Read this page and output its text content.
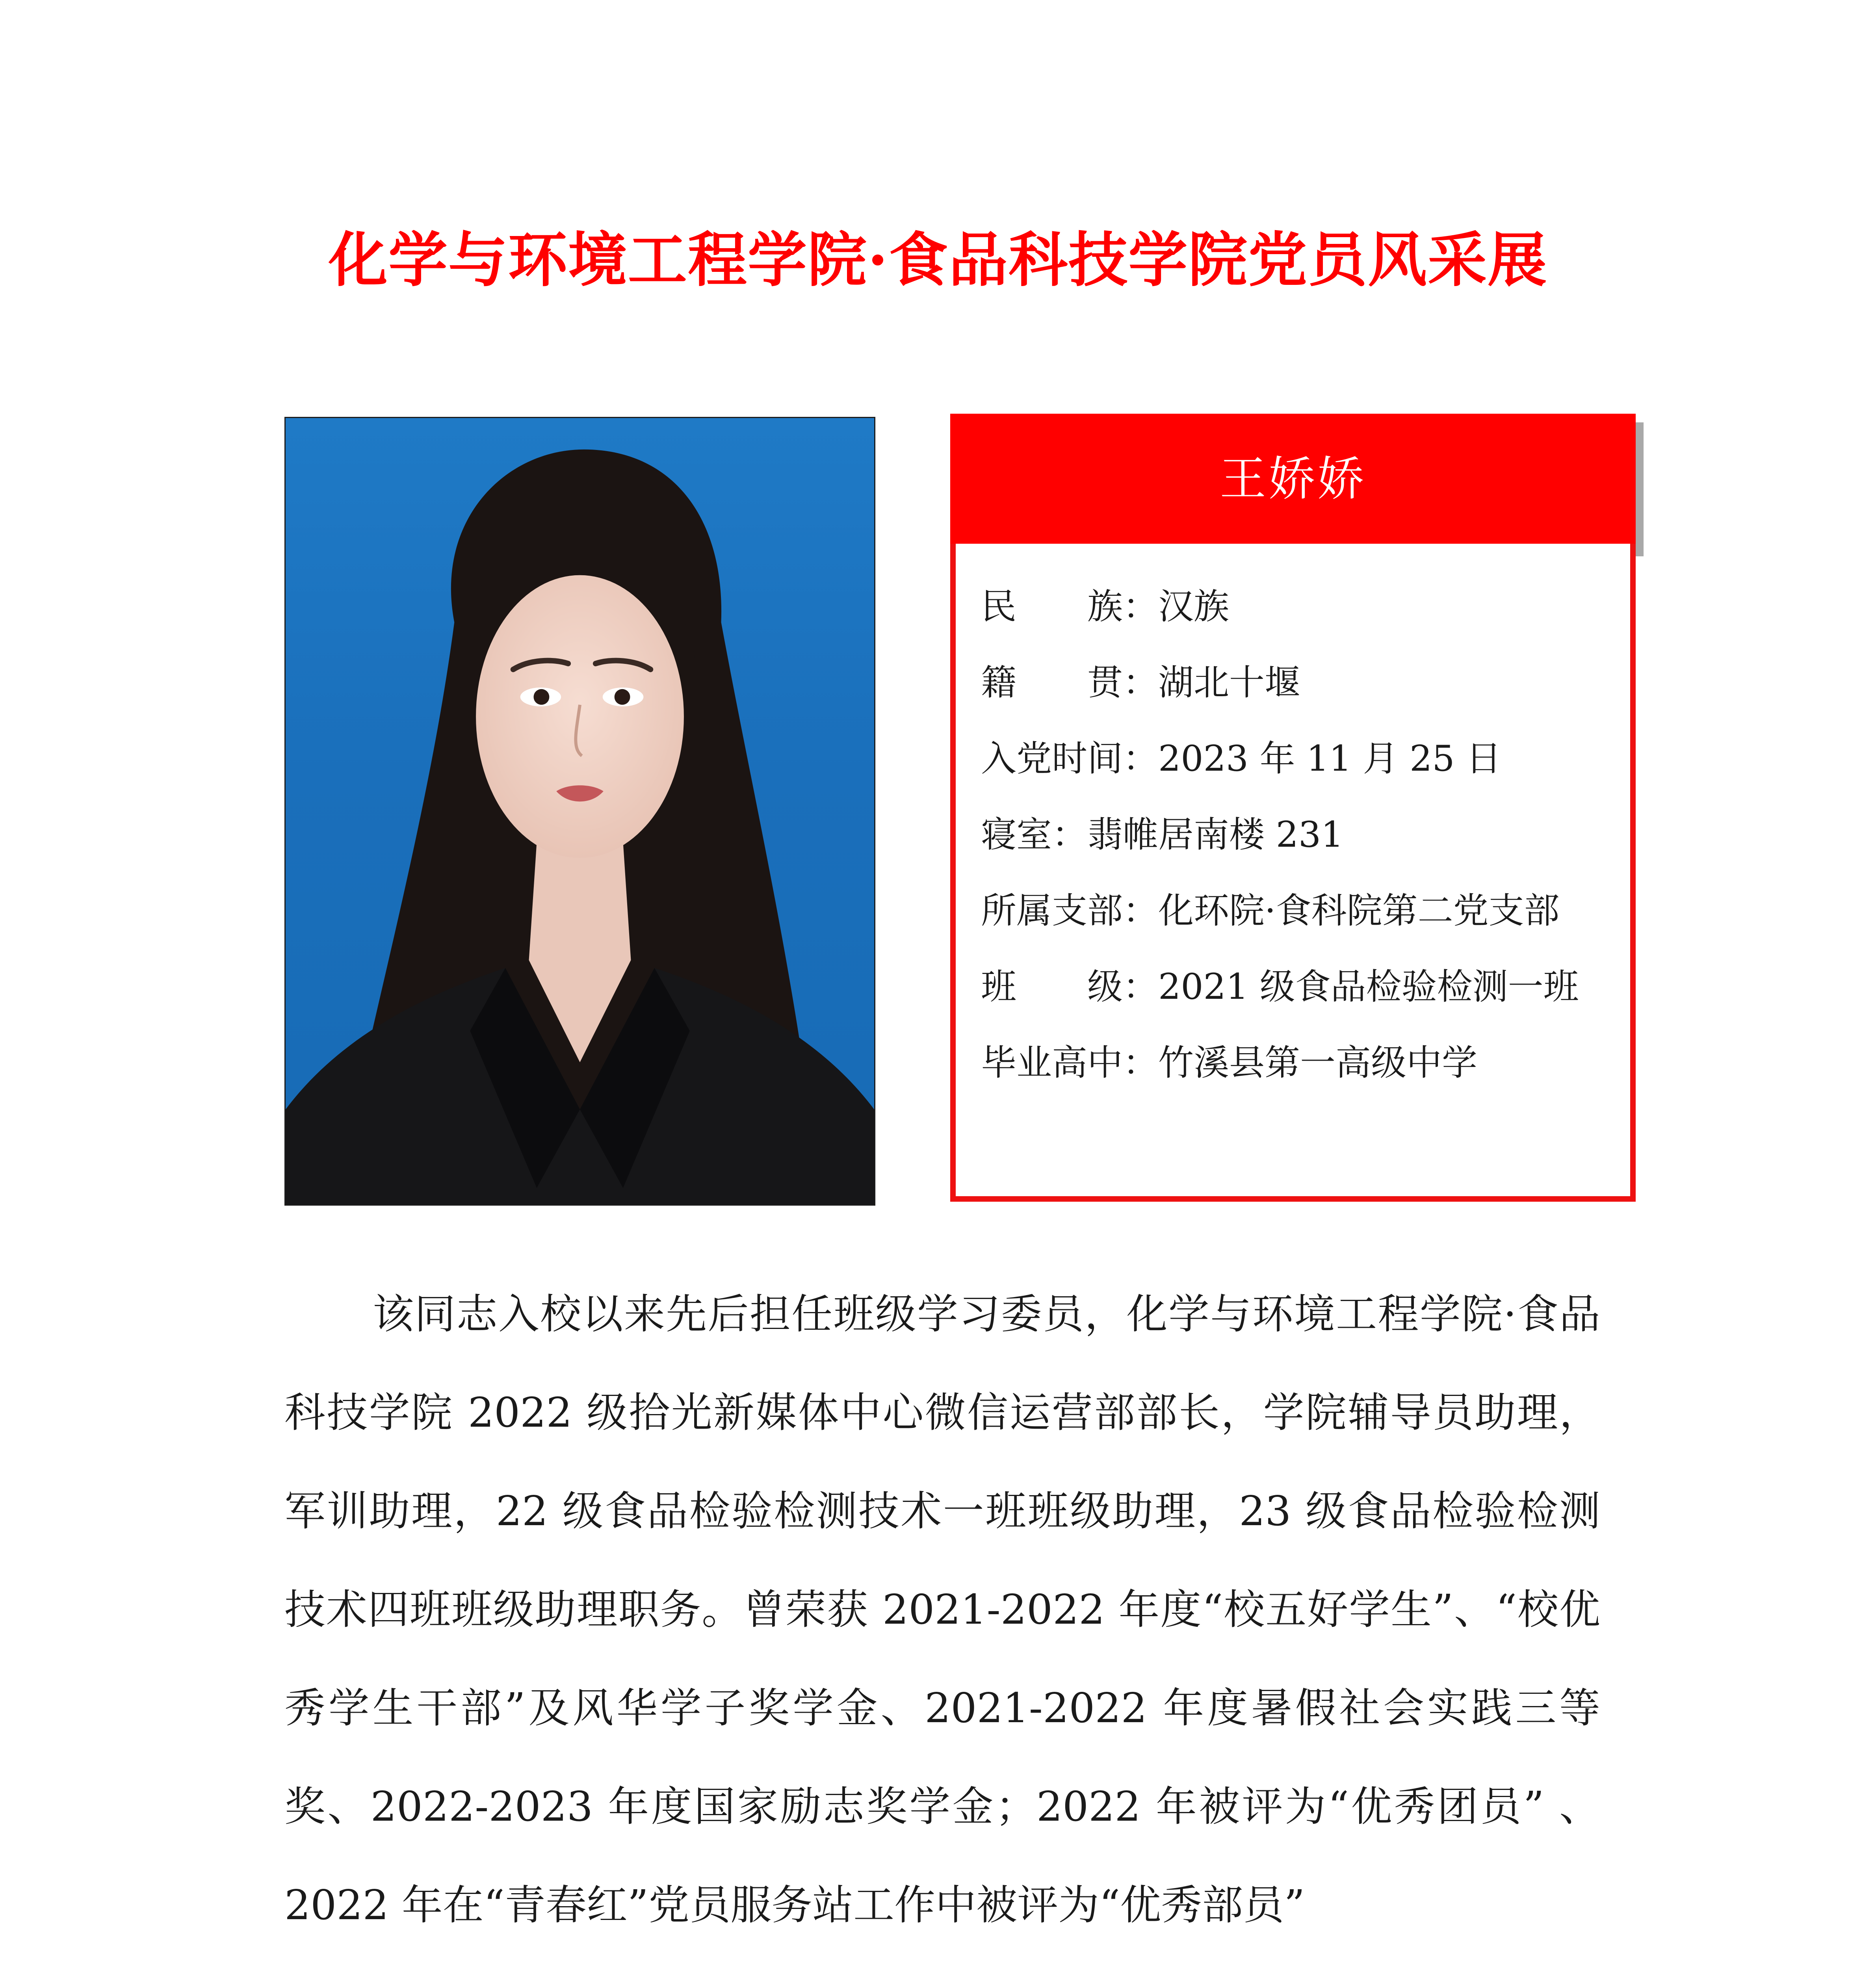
化学与环境工程学院·食品科技学院党员风采展
王娇娇
民　　族：汉族
籍　　贯：湖北十堰
入党时间：2023 年 11 月 25 日
寝室：翡帷居南楼 231
所属支部：化环院·食科院第二党支部
班　　级：2021 级食品检验检测一班
毕业高中：竹溪县第一高级中学

该同志入校以来先后担任班级学习委员，化学与环境工程学院·食品科技学院 2022 级拾光新媒体中心微信运营部部长，学院辅导员助理，军训助理，22 级食品检验检测技术一班班级助理，23 级食品检验检测技术四班班级助理职务。曾荣获 2021-2022 年度“校五好学生”、“校优秀学生干部”及风华学子奖学金、2021-2022 年度暑假社会实践三等奖、2022-2023 年度国家励志奖学金；2022 年被评为“优秀团员” 、2022 年在“青春红”党员服务站工作中被评为“优秀部员”
